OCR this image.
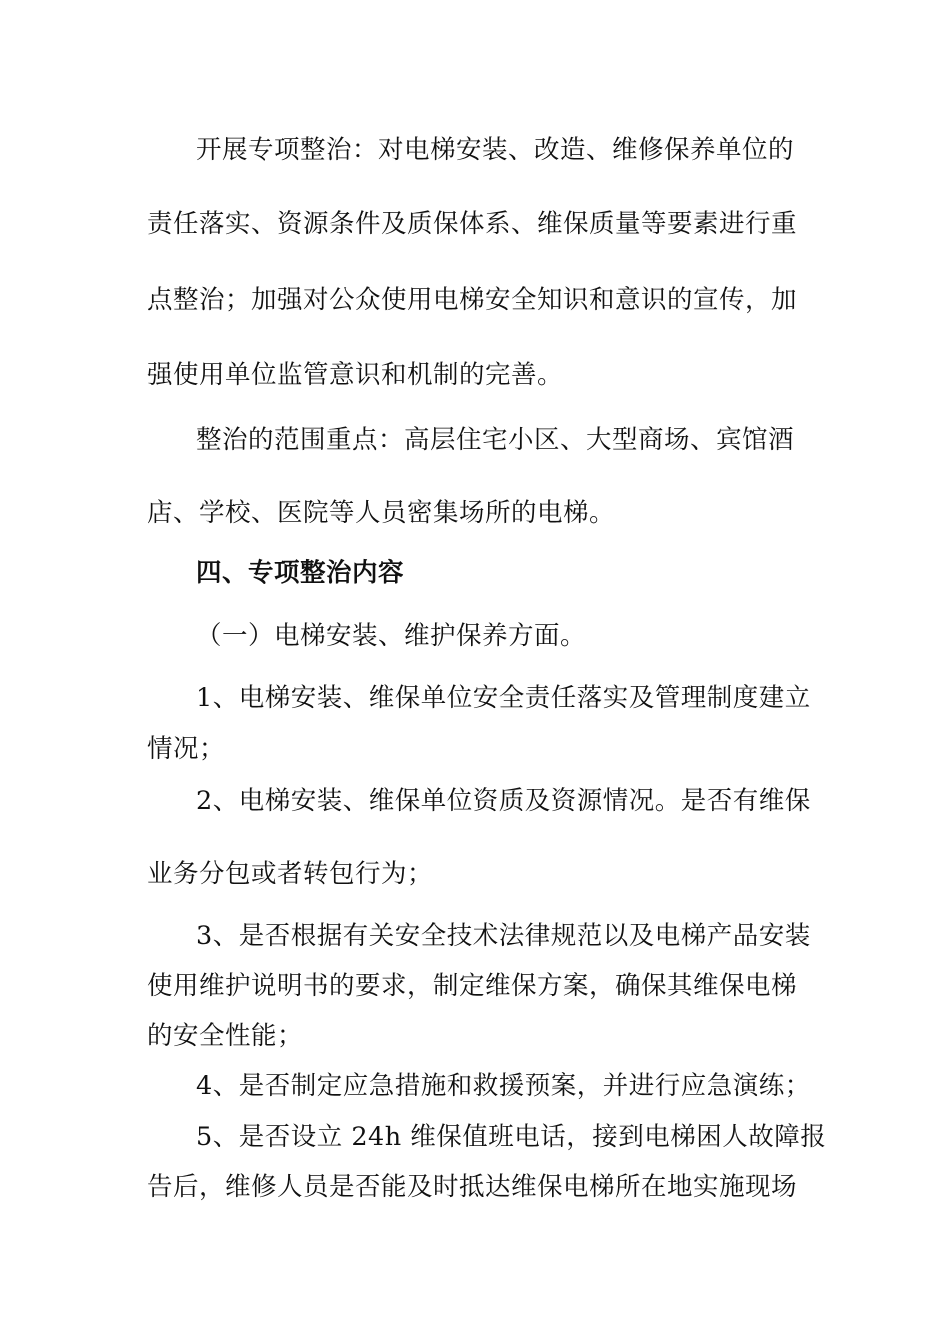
开展专项整治：对电梯安装、改造、维修保养单位的
责任落实、资源条件及质保体系、维保质量等要素进行重
点整治；加强对公众使用电梯安全知识和意识的宣传，加
强使用单位监管意识和机制的完善。
整治的范围重点：高层住宅小区、大型商场、宾馆酒
店、学校、医院等人员密集场所的电梯。
四、专项整治内容
（一）电梯安装、维护保养方面。
1、电梯安装、维保单位安全责任落实及管理制度建立
情况；
2、电梯安装、维保单位资质及资源情况。是否有维保
业务分包或者转包行为；
3、是否根据有关安全技术法律规范以及电梯产品安装
使用维护说明书的要求，制定维保方案，确保其维保电梯
的安全性能；
4、是否制定应急措施和救援预案，并进行应急演练；
5、是否设立 24h 维保值班电话，接到电梯困人故障报
告后，维修人员是否能及时抵达维保电梯所在地实施现场
